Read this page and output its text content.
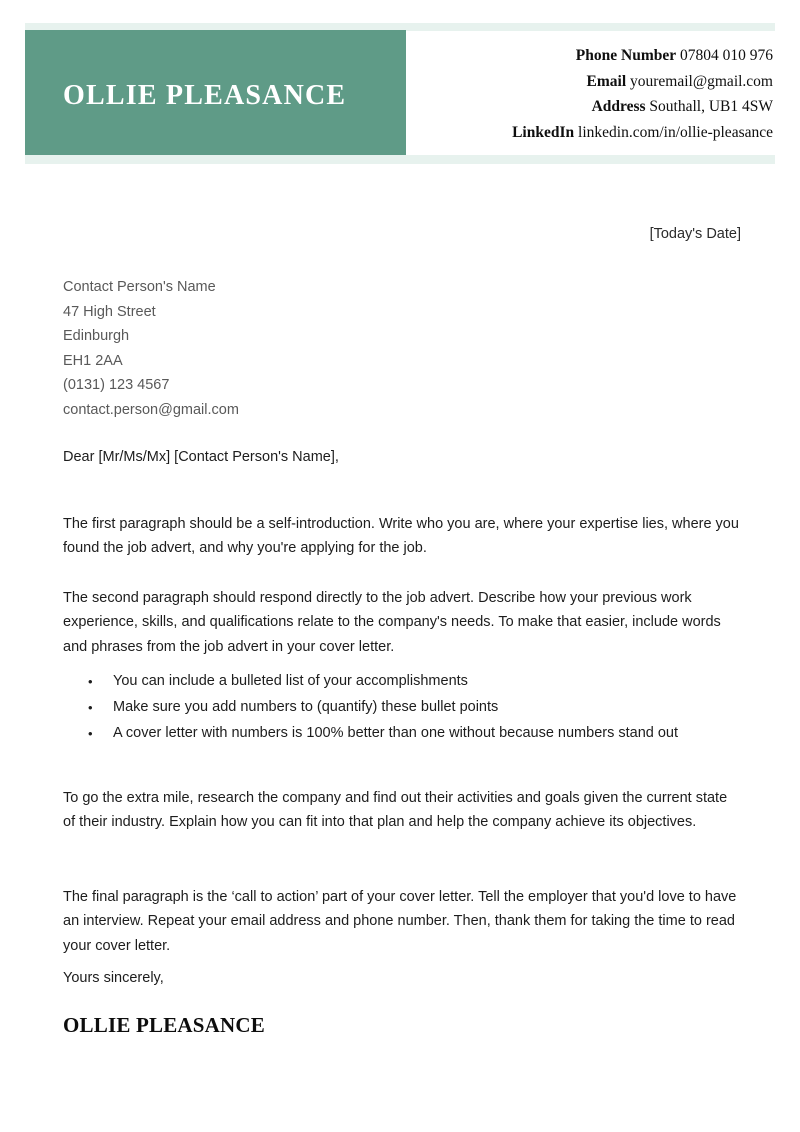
OLLIE PLEASANCE
Phone Number 07804 010 976
Email youremail@gmail.com
Address Southall, UB1 4SW
LinkedIn linkedin.com/in/ollie-pleasance
[Today's Date]
Contact Person's Name
47 High Street
Edinburgh
EH1 2AA
(0131) 123 4567
contact.person@gmail.com
Dear [Mr/Ms/Mx] [Contact Person's Name],

The first paragraph should be a self-introduction. Write who you are, where your expertise lies, where you found the job advert, and why you're applying for the job.

The second paragraph should respond directly to the job advert. Describe how your previous work experience, skills, and qualifications relate to the company's needs. To make that easier, include words and phrases from the job advert in your cover letter.

• You can include a bulleted list of your accomplishments
• Make sure you add numbers to (quantify) these bullet points
• A cover letter with numbers is 100% better than one without because numbers stand out

To go the extra mile, research the company and find out their activities and goals given the current state of their industry. Explain how you can fit into that plan and help the company achieve its objectives.

The final paragraph is the ‘call to action’ part of your cover letter. Tell the employer that you'd love to have an interview. Repeat your email address and phone number. Then, thank them for taking the time to read your cover letter.

Yours sincerely,
OLLIE PLEASANCE
